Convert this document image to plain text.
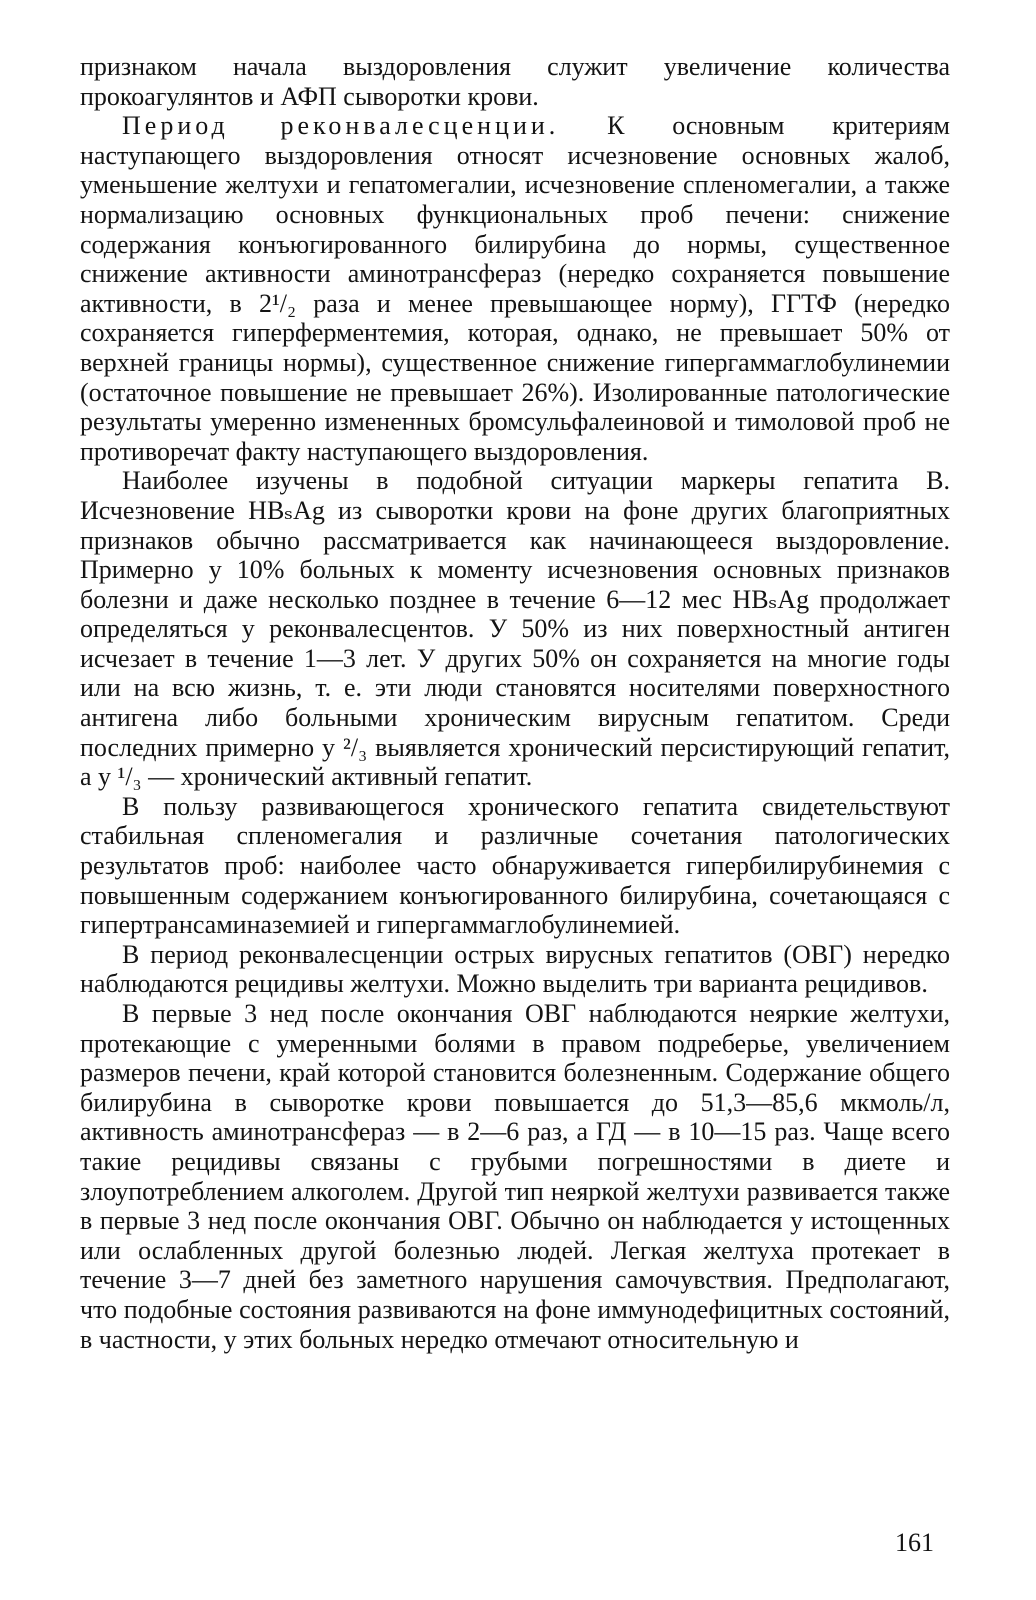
признаком начала выздоровления служит увеличение количества прокоагулянтов и АФП сыворотки крови.

Период реконвалесценции. К основным критериям наступающего выздоровления относят исчезновение основных жалоб, уменьшение желтухи и гепатомегалии, исчезновение спленомегалии, а также нормализацию основных функциональных проб печени: снижение содержания конъюгированного билирубина до нормы, существенное снижение активности аминотрансфераз (нередко сохраняется повышение активности, в 2¹/₂ раза и менее превышающее норму), ГГТФ (нередко сохраняется гиперферментемия, которая, однако, не превышает 50% от верхней границы нормы), существенное снижение гипергаммаглобулинемии (остаточное повышение не превышает 26%). Изолированные патологические результаты умеренно измененных бромсульфалеиновой и тимоловой проб не противоречат факту наступающего выздоровления.

Наиболее изучены в подобной ситуации маркеры гепатита В. Исчезновение HBₛAg из сыворотки крови на фоне других благоприятных признаков обычно рассматривается как начинающееся выздоровление. Примерно у 10% больных к моменту исчезновения основных признаков болезни и даже несколько позднее в течение 6—12 мес HBₛAg продолжает определяться у реконвалесцентов. У 50% из них поверхностный антиген исчезает в течение 1—3 лет. У других 50% он сохраняется на многие годы или на всю жизнь, т. е. эти люди становятся носителями поверхностного антигена либо больными хроническим вирусным гепатитом. Среди последних примерно у ²/₃ выявляется хронический персистирующий гепатит, а у ¹/₃ — хронический активный гепатит.

В пользу развивающегося хронического гепатита свидетельствуют стабильная спленомегалия и различные сочетания патологических результатов проб: наиболее часто обнаруживается гипербилирубинемия с повышенным содержанием конъюгированного билирубина, сочетающаяся с гипертрансаминаземией и гипергаммаглобулинемией.

В период реконвалесценции острых вирусных гепатитов (ОВГ) нередко наблюдаются рецидивы желтухи. Можно выделить три варианта рецидивов.

В первые 3 нед после окончания ОВГ наблюдаются неяркие желтухи, протекающие с умеренными болями в правом подреберье, увеличением размеров печени, край которой становится болезненным. Содержание общего билирубина в сыворотке крови повышается до 51,3—85,6 мкмоль/л, активность аминотрансфераз — в 2—6 раз, а ГД — в 10—15 раз. Чаще всего такие рецидивы связаны с грубыми погрешностями в диете и злоупотреблением алкоголем. Другой тип неяркой желтухи развивается также в первые 3 нед после окончания ОВГ. Обычно он наблюдается у истощенных или ослабленных другой болезнью людей. Легкая желтуха протекает в течение 3—7 дней без заметного нарушения самочувствия. Предполагают, что подобные состояния развиваются на фоне иммунодефицитных состояний, в частности, у этих больных нередко отмечают относительную и

161
